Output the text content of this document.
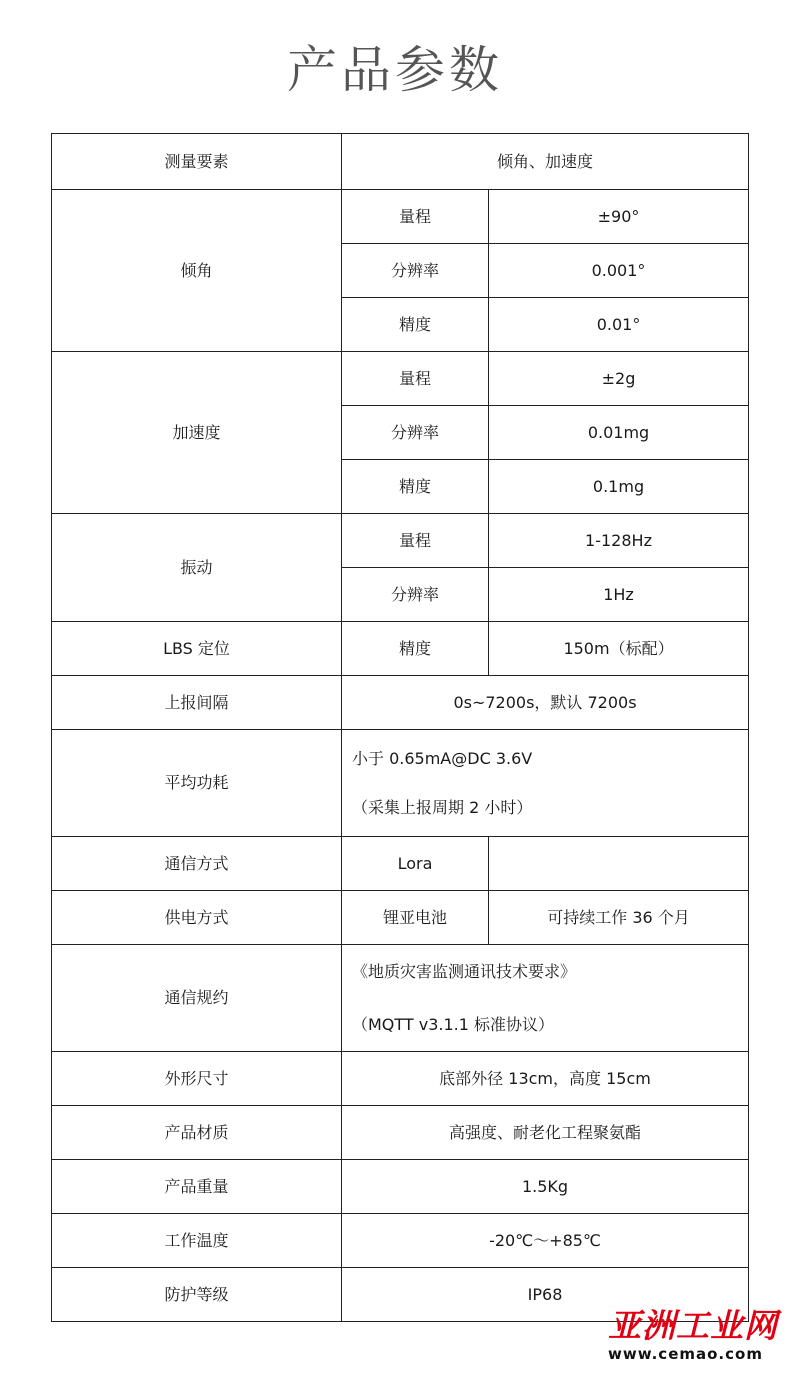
产品参数
测量要素	倾角、加速度	
倾角	量程	±90°
	分辨率	0.001°
	精度	0.01°
加速度	量程	±2g
	分辨率	0.01mg
	精度	0.1mg
振动	量程	1-128Hz
	分辨率	1Hz
LBS 定位	精度	150m（标配）
上报间隔	0s~7200s，默认 7200s	
平均功耗	小于 0.65mA@DC 3.6V
（采集上报周期 2 小时）	

通信方式	Lora	
供电方式	锂亚电池	可持续工作 36 个月
通信规约	《地质灾害监测通讯技术要求》
（MQTT v3.1.1 标准协议）	

外形尺寸	底部外径 13cm，高度 15cm	
产品材质	高强度、耐老化工程聚氨酯	
产品重量	1.5Kg	
工作温度	-20℃～+85℃	
防护等级	IP68	
亚洲工业网
www.cemao.com
